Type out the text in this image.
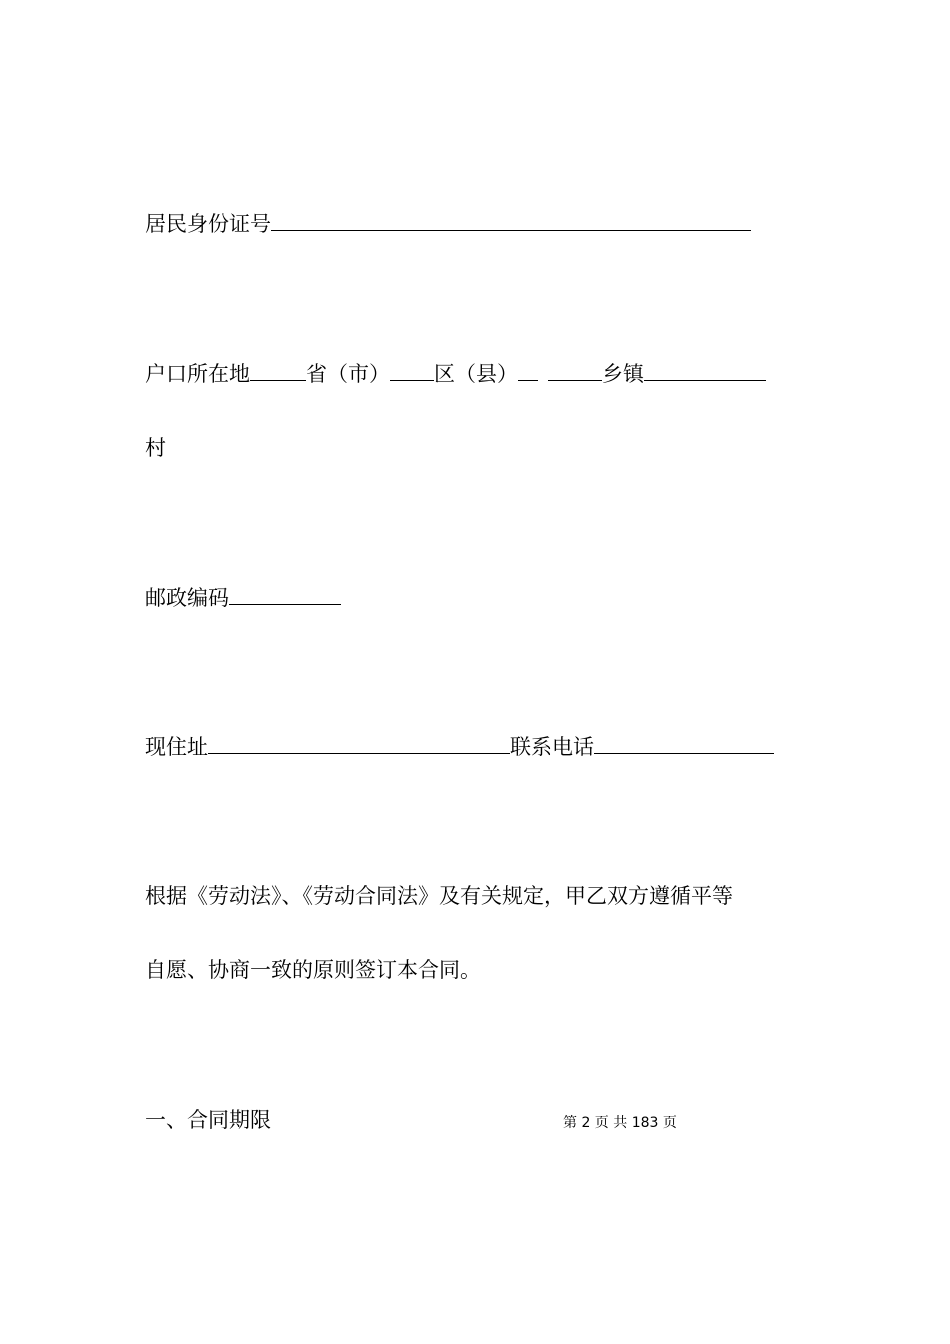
居民身份证号
户口所在地	省（市） 区（县）	乡镇
村
邮政编码
现住址	联系电话
根据《劳动法》、《劳动合同法》及有关规定，甲乙双方遵循平等
自愿、协商一致的原则签订本合同。
一、合同期限	第 2 页 共 183 页
